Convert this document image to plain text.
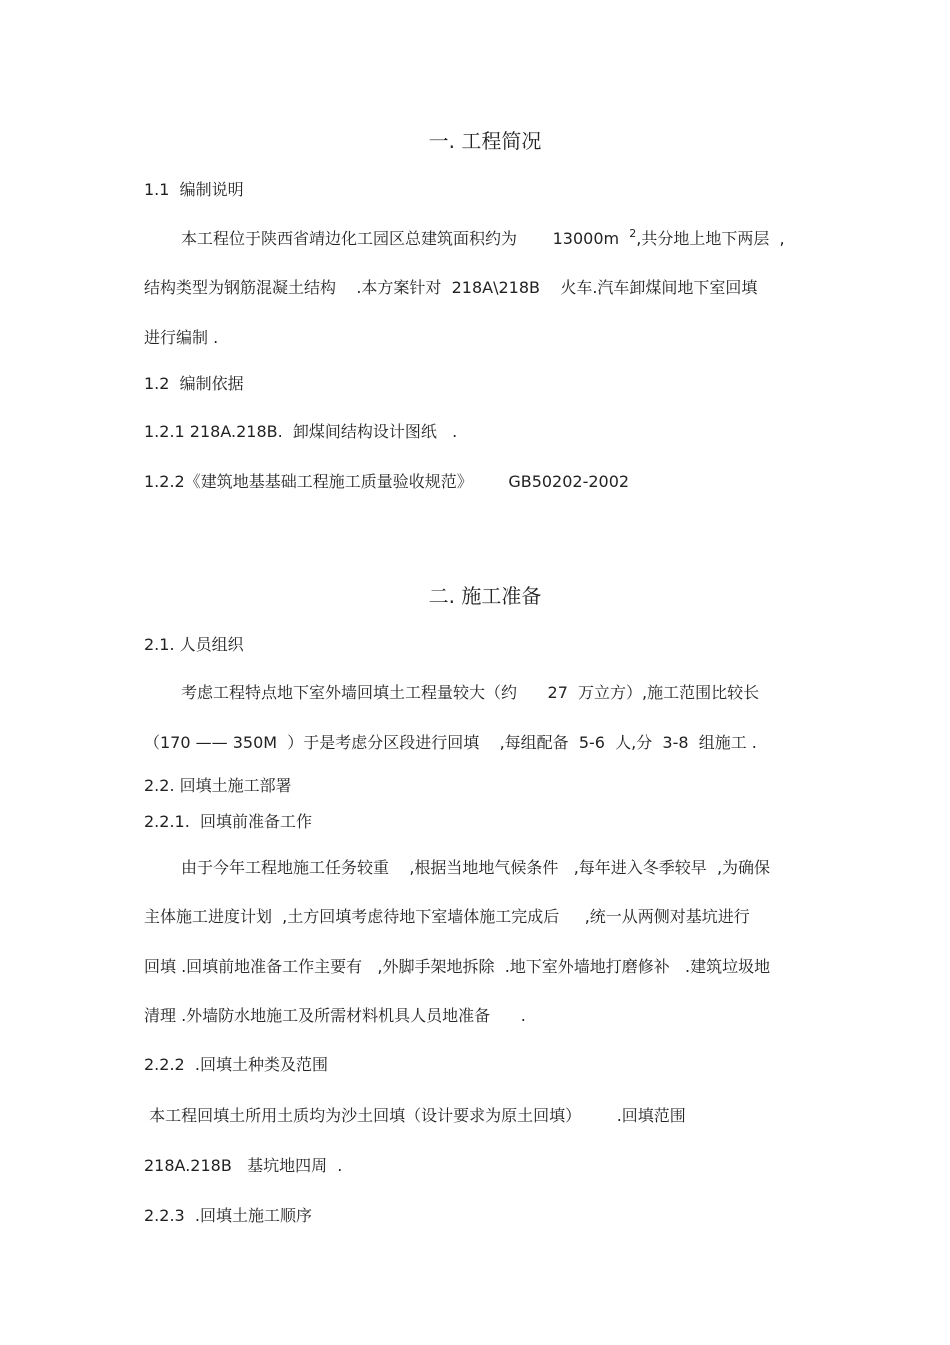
一. 工程简况
1.1  编制说明
本工程位于陕西省靖边化工园区总建筑面积约为       13000m  $^2$,共分地上地下两层  ,
结构类型为钢筋混凝土结构    .本方案针对  218A\218B    火车.汽车卸煤间地下室回填
进行编制 .
1.2  编制依据
1.2.1 218A.218B.  卸煤间结构设计图纸   .
1.2.2《建筑地基基础工程施工质量验收规范》       GB50202-2002
二. 施工准备
2.1. 人员组织
考虑工程特点地下室外墙回填土工程量较大（约      27  万立方）,施工范围比较长
（170 —— 350M  ）于是考虑分区段进行回填    ,每组配备  5-6  人,分  3-8  组施工 .
2.2. 回填土施工部署
2.2.1.  回填前准备工作
由于今年工程地施工任务较重    ,根据当地地气候条件   ,每年进入冬季较早  ,为确保
主体施工进度计划  ,土方回填考虑待地下室墙体施工完成后     ,统一从两侧对基坑进行
回填 .回填前地准备工作主要有   ,外脚手架地拆除  .地下室外墙地打磨修补   .建筑垃圾地
清理 .外墙防水地施工及所需材料机具人员地准备      .
2.2.2  .回填土种类及范围
本工程回填土所用土质均为沙土回填（设计要求为原土回填）       .回填范围
218A.218B   基坑地四周  .
2.2.3  .回填土施工顺序
